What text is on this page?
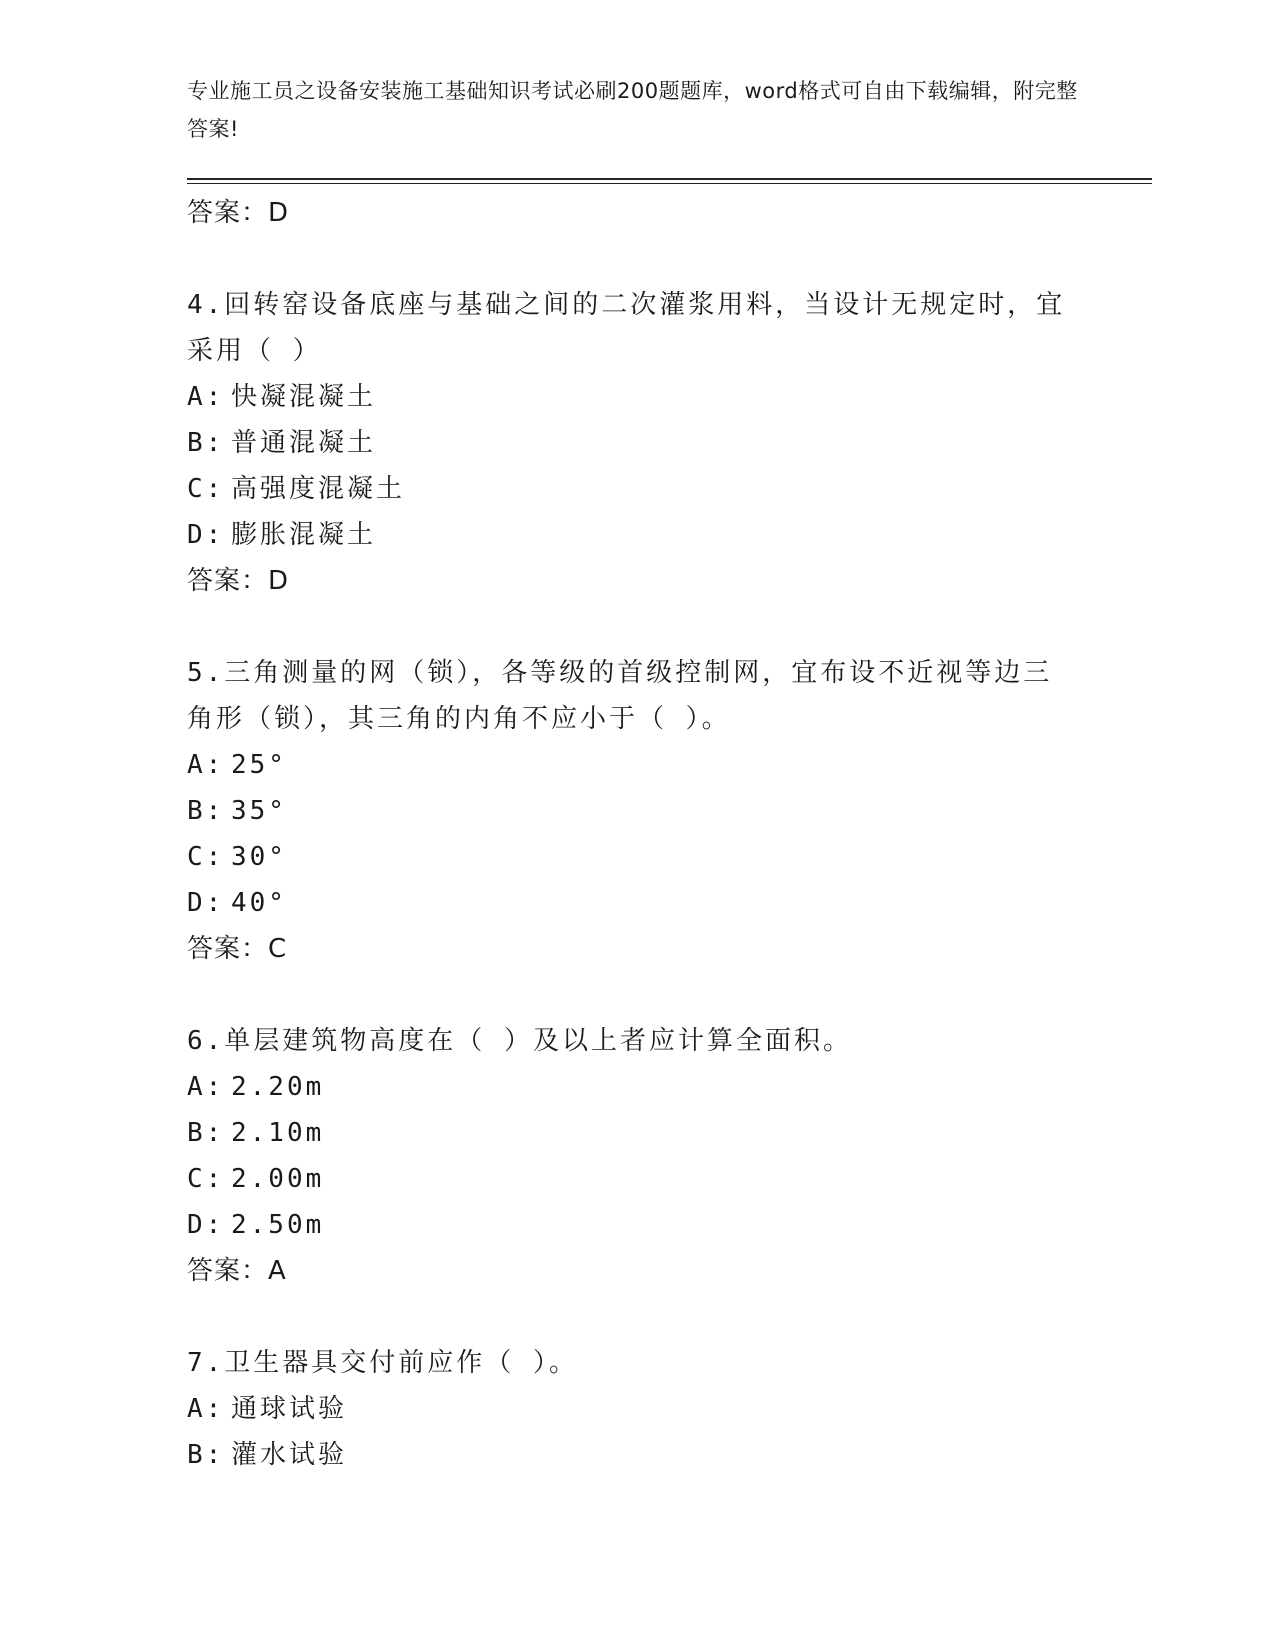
专业施工员之设备安装施工基础知识考试必刷200题题库，word格式可自由下载编辑，附完整答案!
答案：D
4.回转窑设备底座与基础之间的二次灌浆用料，当设计无规定时，宜采用（ ）
A: 快凝混凝土
B: 普通混凝土
C: 高强度混凝土
D: 膨胀混凝土
答案：D
5.三角测量的网（锁），各等级的首级控制网，宜布设不近视等边三角形（锁），其三角的内角不应小于（ ）。
A: 25°
B: 35°
C: 30°
D: 40°
答案：C
6.单层建筑物高度在（ ）及以上者应计算全面积。
A: 2.20m
B: 2.10m
C: 2.00m
D: 2.50m
答案：A
7.卫生器具交付前应作（ ）。
A: 通球试验
B: 灌水试验
